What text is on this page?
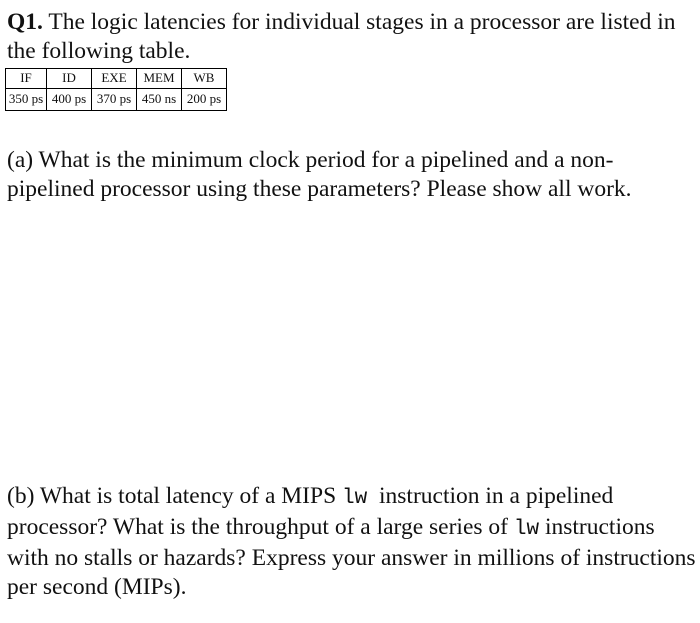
Q1. The logic latencies for individual stages in a processor are listed in the following table.

IF	ID	EXE	MEM	WB
350 ps	400 ps	370 ps	450 ns	200 ps

(a) What is the minimum clock period for a pipelined and a non-pipelined processor using these parameters? Please show all work.

(b) What is total latency of a MIPS lw  instruction in a pipelined processor? What is the throughput of a large series of lw instructions with no stalls or hazards? Express your answer in millions of instructions per second (MIPs).
